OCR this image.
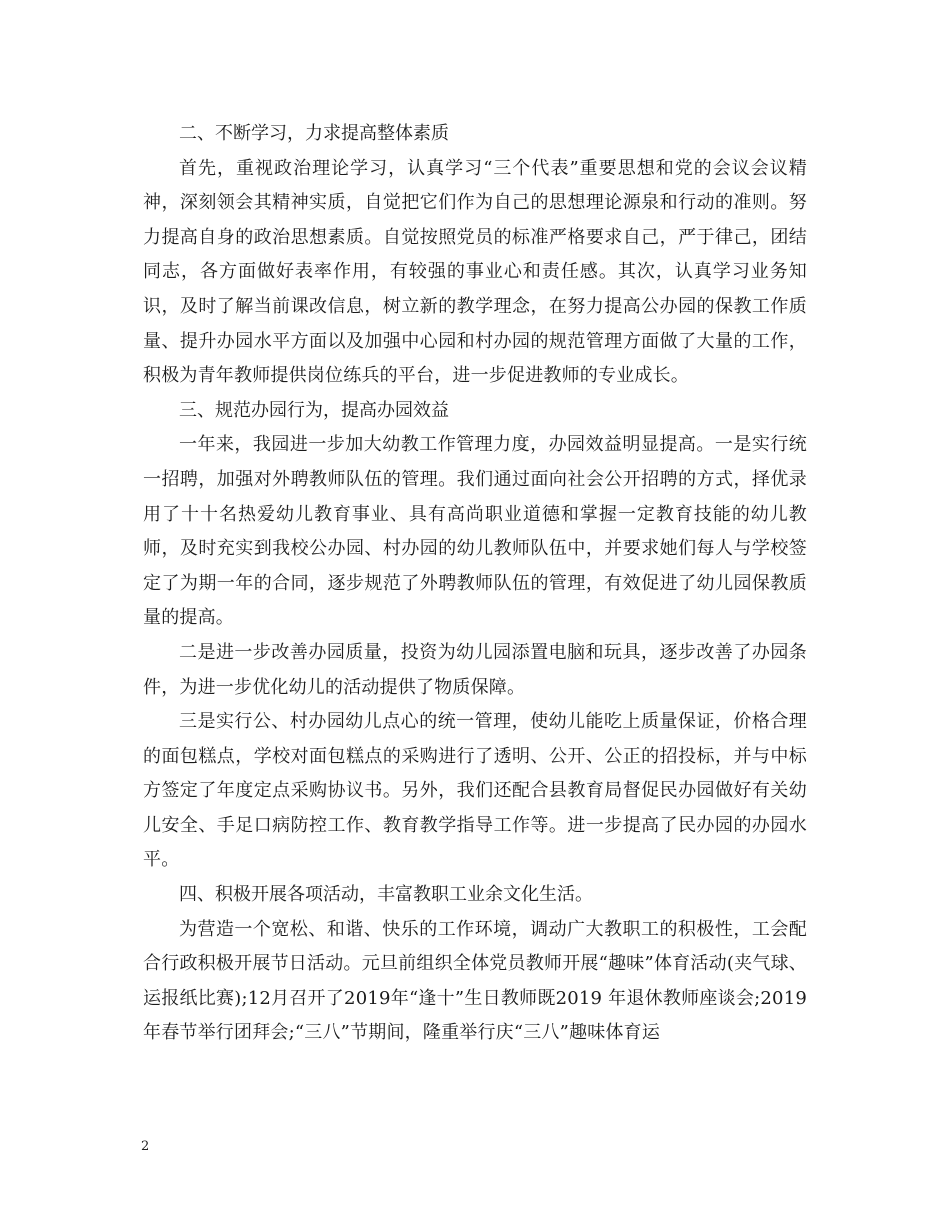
二、不断学习，力求提高整体素质

首先，重视政治理论学习，认真学习“三个代表”重要思想和党的会议会议精神，深刻领会其精神实质，自觉把它们作为自己的思想理论源泉和行动的准则。努力提高自身的政治思想素质。自觉按照党员的标准严格要求自己，严于律己，团结同志，各方面做好表率作用，有较强的事业心和责任感。其次，认真学习业务知识，及时了解当前课改信息，树立新的教学理念，在努力提高公办园的保教工作质量、提升办园水平方面以及加强中心园和村办园的规范管理方面做了大量的工作，积极为青年教师提供岗位练兵的平台，进一步促进教师的专业成长。

三、规范办园行为，提高办园效益

一年来，我园进一步加大幼教工作管理力度，办园效益明显提高。一是实行统一招聘，加强对外聘教师队伍的管理。我们通过面向社会公开招聘的方式，择优录用了十十名热爱幼儿教育事业、具有高尚职业道德和掌握一定教育技能的幼儿教师，及时充实到我校公办园、村办园的幼儿教师队伍中，并要求她们每人与学校签定了为期一年的合同，逐步规范了外聘教师队伍的管理，有效促进了幼儿园保教质量的提高。

二是进一步改善办园质量，投资为幼儿园添置电脑和玩具，逐步改善了办园条件，为进一步优化幼儿的活动提供了物质保障。

三是实行公、村办园幼儿点心的统一管理，使幼儿能吃上质量保证，价格合理的面包糕点，学校对面包糕点的采购进行了透明、公开、公正的招投标，并与中标方签定了年度定点采购协议书。另外，我们还配合县教育局督促民办园做好有关幼儿安全、手足口病防控工作、教育教学指导工作等。进一步提高了民办园的办园水平。

四、积极开展各项活动，丰富教职工业余文化生活。

为营造一个宽松、和谐、快乐的工作环境，调动广大教职工的积极性，工会配合行政积极开展节日活动。元旦前组织全体党员教师开展“趣味”体育活动(夹气球、运报纸比赛);12月召开了2019年“逢十”生日教师既2019 年退休教师座谈会;2019年春节举行团拜会;“三八”节期间，隆重举行庆“三八”趣味体育运

2
